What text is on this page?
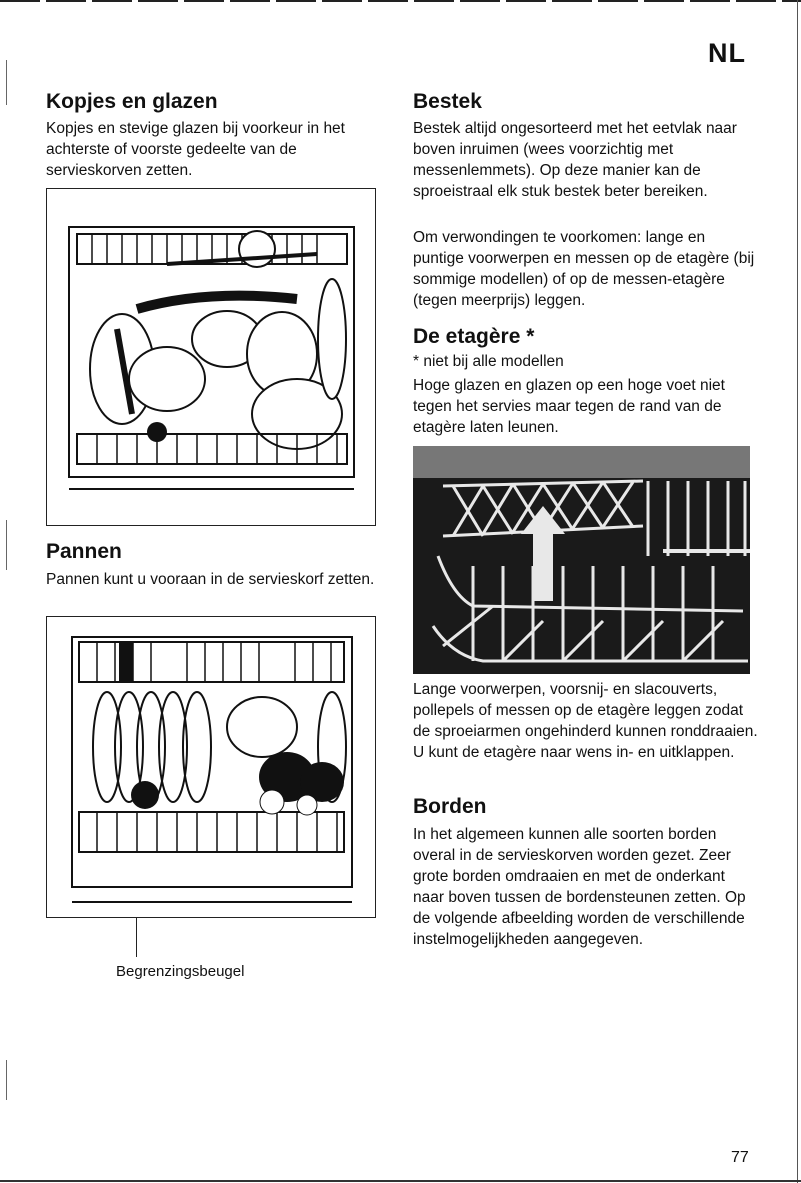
NL
Kopjes en glazen

Kopjes en stevige glazen bij voorkeur in het achterste of voorste gedeelte van de servieskorven zetten.

Pannen

Pannen kunt u vooraan in de servieskorf zetten.

Begrenzingsbeugel
Bestek

Bestek altijd ongesorteerd met het eetvlak naar boven inruimen (wees voorzichtig met messenlemmets). Op deze manier kan de sproeistraal elk stuk bestek beter bereiken.

Om verwondingen te voorkomen: lange en puntige voorwerpen en messen op de etagère (bij sommige modellen) of op de messen-etagère (tegen meerprijs) leggen.

De etagère *

* niet bij alle modellen

Hoge glazen en glazen op een hoge voet niet tegen het servies maar tegen de rand van de etagère laten leunen.

Lange voorwerpen, voorsnij- en slacouverts, pollepels of messen op de etagère leggen zodat de sproeiarmen ongehinderd kunnen ronddraaien. U kunt de etagère naar wens in- en uitklappen.

Borden

In het algemeen kunnen alle soorten borden overal in de servieskorven worden gezet. Zeer grote borden omdraaien en met de onderkant naar boven tussen de bordensteunen zetten. Op de volgende afbeelding worden de verschillende instelmogelijkheden aangegeven.

77
